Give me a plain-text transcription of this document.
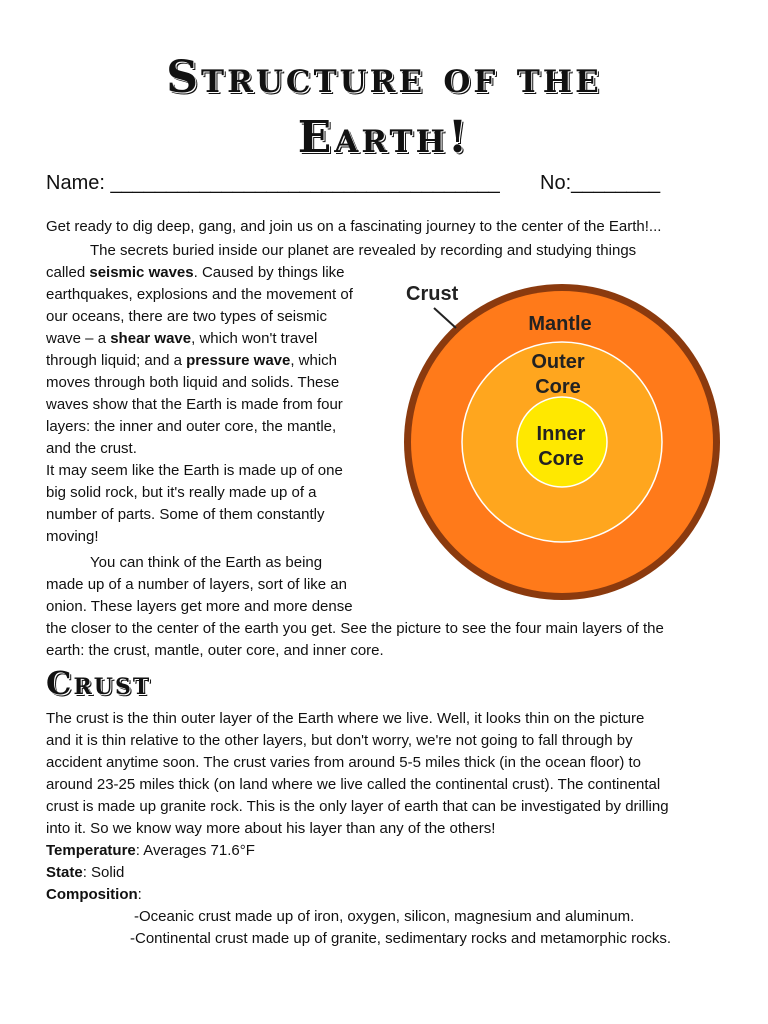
Structure of the
Earth!
Name: ___________________________________ No:________

Get ready to dig deep, gang, and join us on a fascinating journey to the center of the Earth!...

The secrets buried inside our planet are revealed by recording and studying things

called seismic waves. Caused by things like
earthquakes, explosions and the movement of
our oceans, there are two types of seismic
wave – a shear wave, which won't travel
through liquid; and a pressure wave, which
moves through both liquid and solids. These
waves show that the Earth is made from four
layers: the inner and outer core, the mantle,
and the crust.
It may seem like the Earth is made up of one
big solid rock, but it's really made up of a
number of parts. Some of them constantly
moving!
You can think of the Earth as being
made up of a number of layers, sort of like an
onion. These layers get more and more dense
the closer to the center of the earth you get. See the picture to see the four main layers of the
earth: the crust, mantle, outer core, and inner core.
Crust
Mantle
Outer
Core
Inner
Core
Crust
The crust is the thin outer layer of the Earth where we live. Well, it looks thin on the picture
and it is thin relative to the other layers, but don't worry, we're not going to fall through by
accident anytime soon. The crust varies from around 5-5 miles thick (in the ocean floor) to
around 23-25 miles thick (on land where we live called the continental crust). The continental
crust is made up granite rock. This is the only layer of earth that can be investigated by drilling
into it. So we know way more about his layer than any of the others!
Temperature: Averages 71.6°F
State: Solid
Composition:
-Oceanic crust made up of iron, oxygen, silicon, magnesium and aluminum.
-Continental crust made up of granite, sedimentary rocks and metamorphic rocks.
